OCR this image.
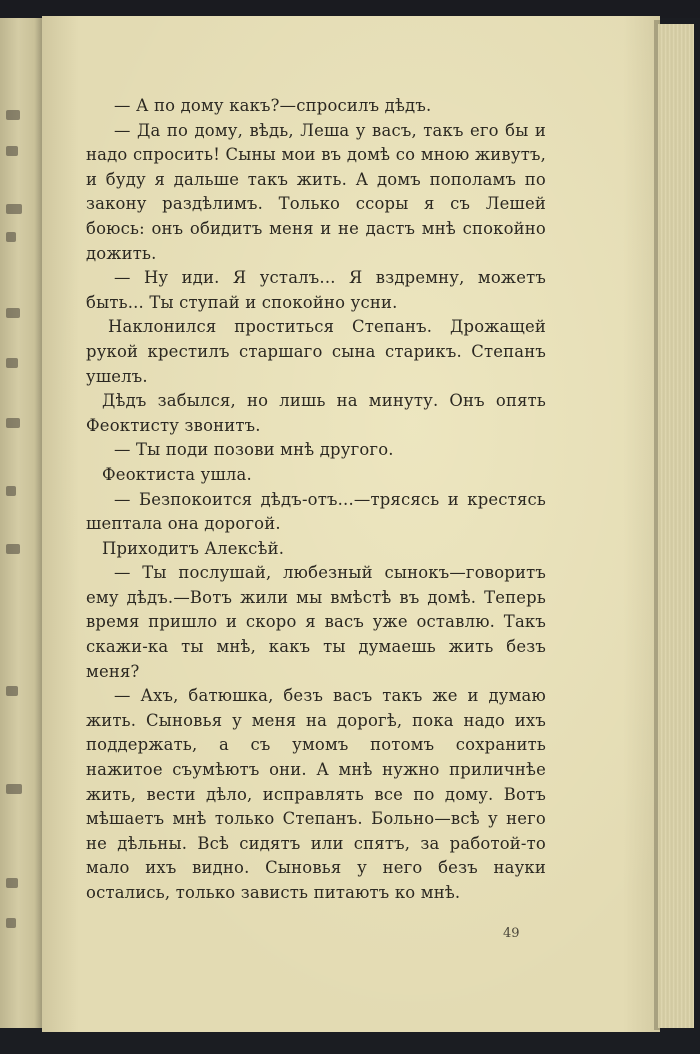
— А по дому какъ?—спросилъ дѣдъ.

— Да по дому, вѣдь, Леша у васъ, такъ его бы и надо спросить! Сыны мои въ домѣ со мною живутъ, и буду я дальше такъ жить. А домъ пополамъ по закону раздѣлимъ. Только ссоры я съ Лешей боюсь: онъ обидитъ меня и не дастъ мнѣ спокойно дожить.

— Ну иди. Я усталъ... Я вздремну, можетъ быть... Ты ступай и спокойно усни.

Наклонился проститься Степанъ. Дрожащей рукой крестилъ старшаго сына старикъ. Степанъ ушелъ.

Дѣдъ забылся, но лишь на минуту. Онъ опять Феоктисту звонитъ.

— Ты поди позови мнѣ другого.

Феоктиста ушла.

— Безпокоится дѣдъ-отъ...—трясясь и крестясь шептала она дорогой.

Приходитъ Алексѣй.

— Ты послушай, любезный сынокъ—говоритъ ему дѣдъ.—Вотъ жили мы вмѣстѣ въ домѣ. Теперь время пришло и скоро я васъ уже оставлю. Такъ скажи-ка ты мнѣ, какъ ты думаешь жить безъ меня?

— Ахъ, батюшка, безъ васъ такъ же и думаю жить. Сыновья у меня на дорогѣ, пока надо ихъ поддержать, а съ умомъ потомъ сохранить нажитое съумѣютъ они. А мнѣ нужно приличнѣе жить, вести дѣло, исправлять все по дому. Вотъ мѣшаетъ мнѣ только Степанъ. Больно—всѣ у него не дѣльны. Всѣ сидятъ или спятъ, за работой-то мало ихъ видно. Сыновья у него безъ науки остались, только зависть питаютъ ко мнѣ.

49
